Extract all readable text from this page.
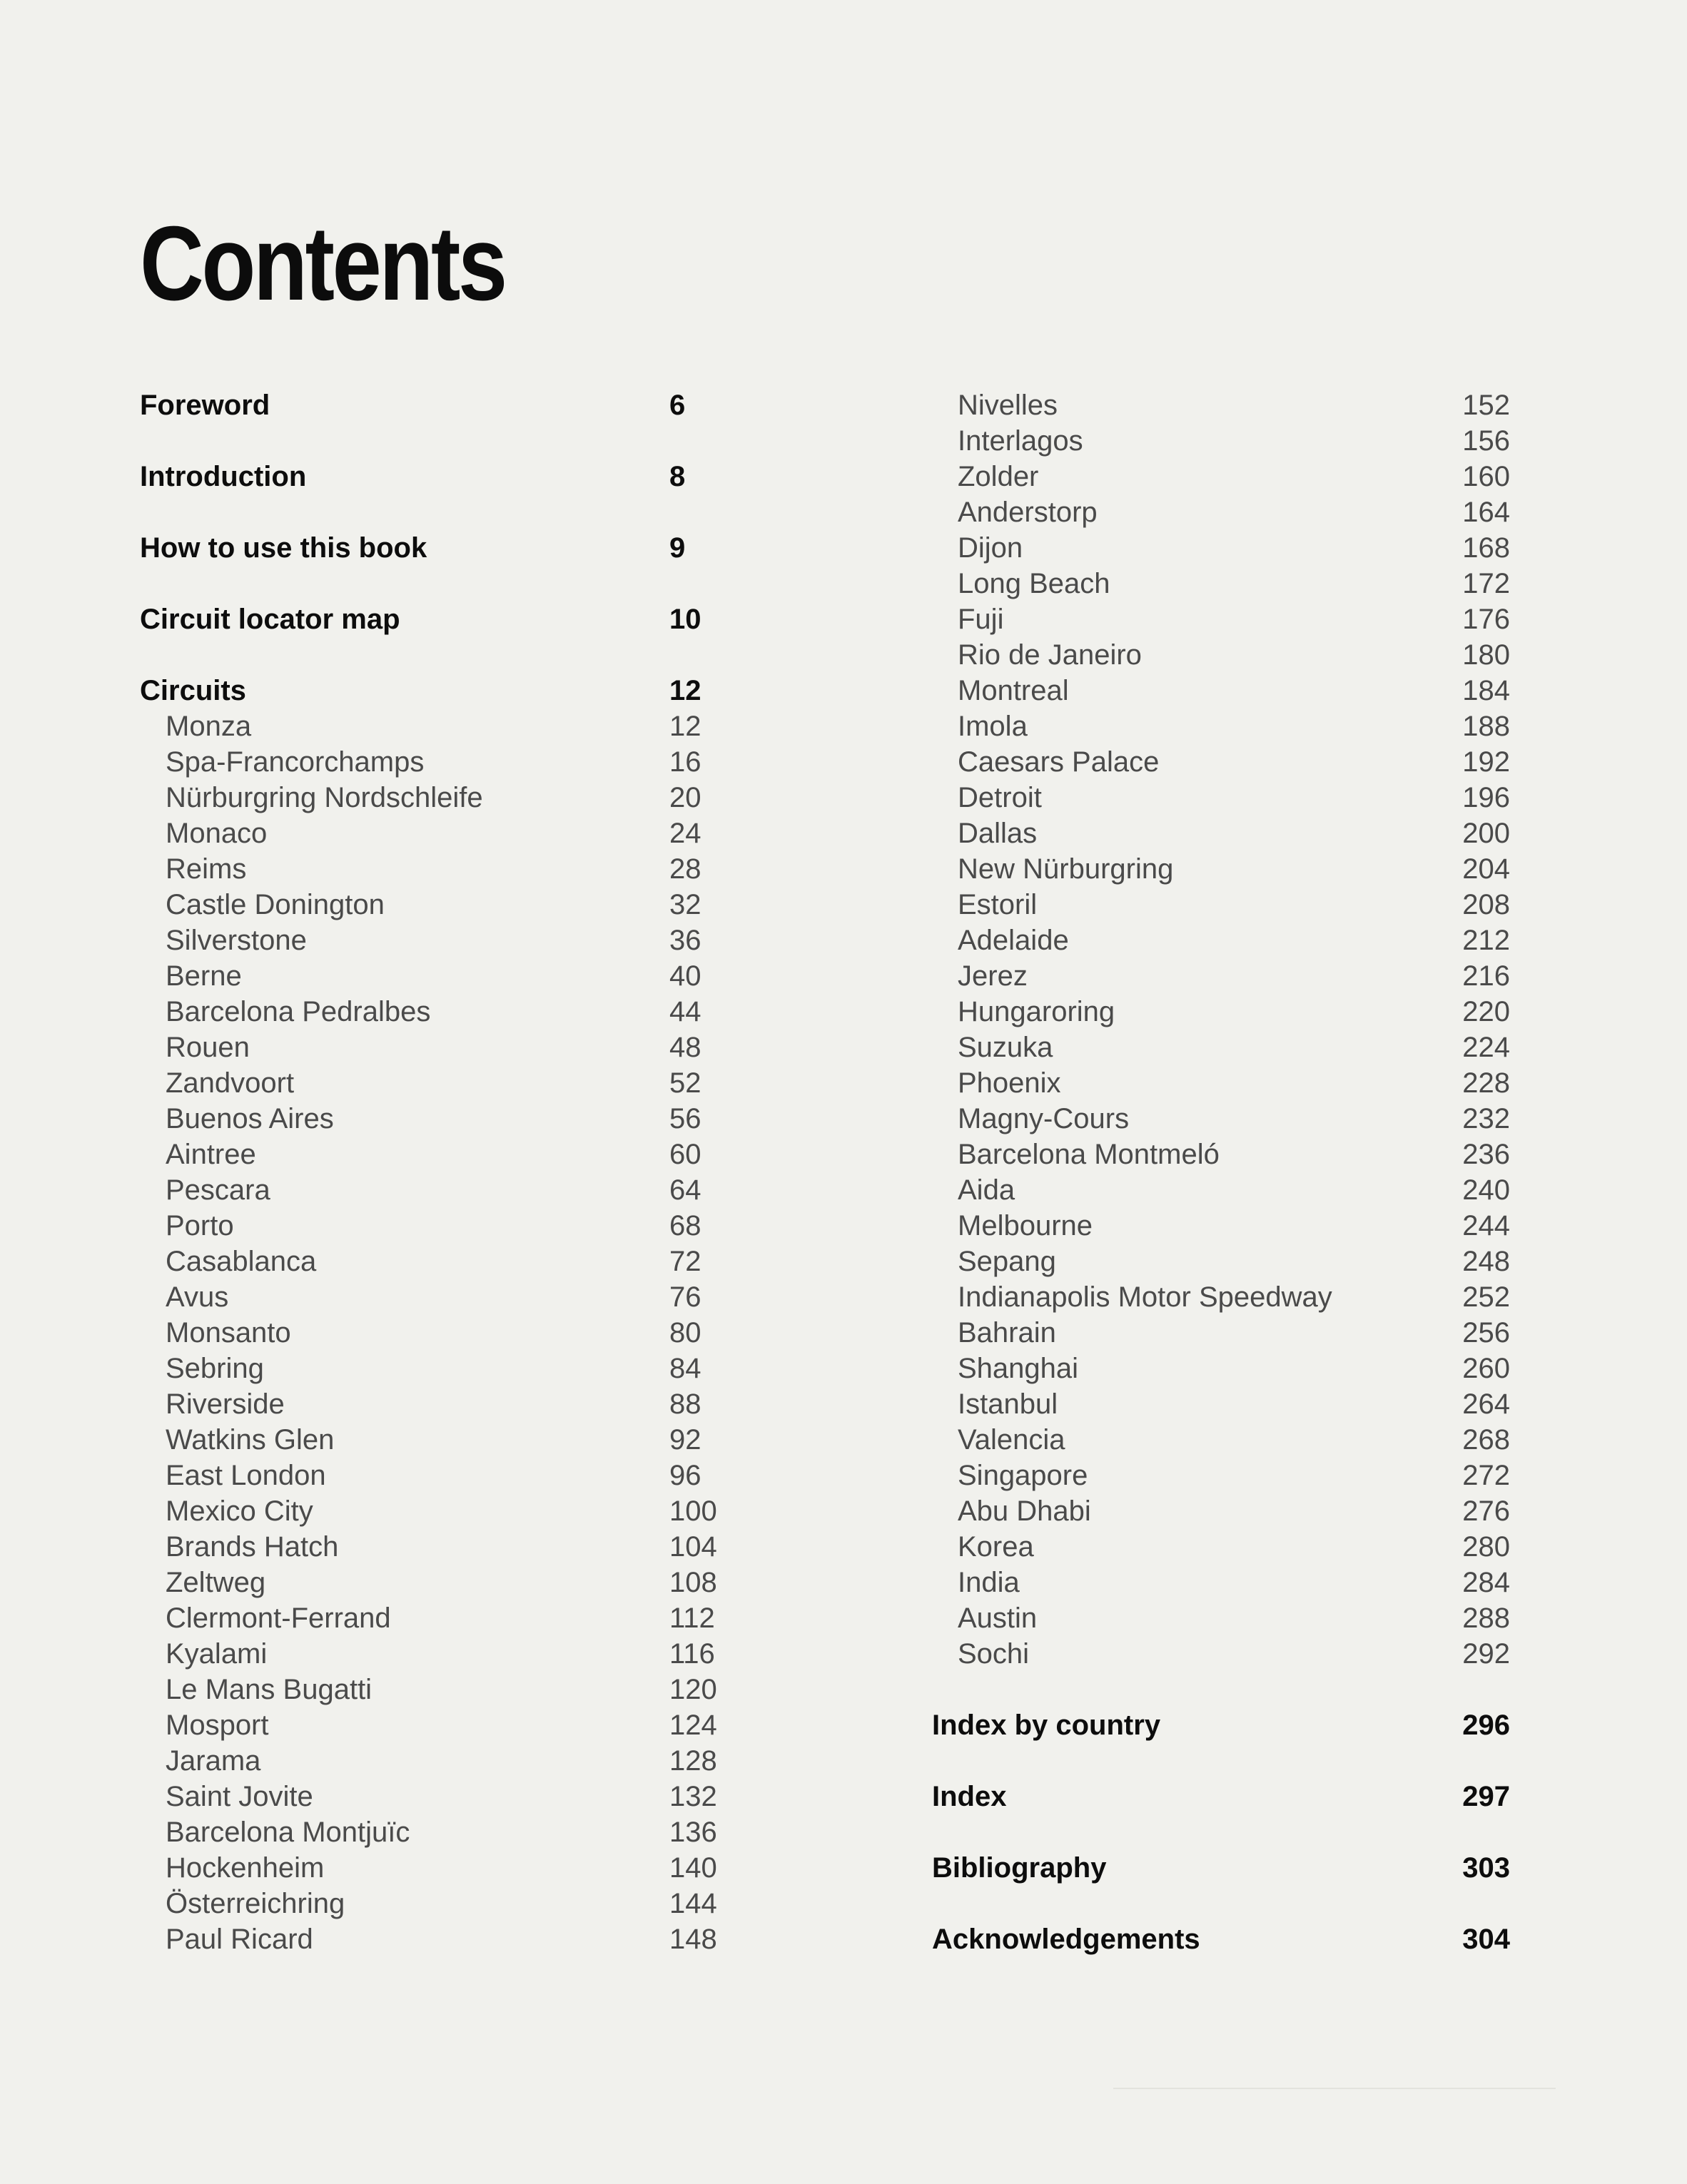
Contents
Foreword	6
Introduction	8
How to use this book	9
Circuit locator map	10
Circuits	12
Monza	12
Spa-Francorchamps	16
Nürburgring Nordschleife	20
Monaco	24
Reims	28
Castle Donington	32
Silverstone	36
Berne	40
Barcelona Pedralbes	44
Rouen	48
Zandvoort	52
Buenos Aires	56
Aintree	60
Pescara	64
Porto	68
Casablanca	72
Avus	76
Monsanto	80
Sebring	84
Riverside	88
Watkins Glen	92
East London	96
Mexico City	100
Brands Hatch	104
Zeltweg	108
Clermont-Ferrand	112
Kyalami	116
Le Mans Bugatti	120
Mosport	124
Jarama	128
Saint Jovite	132
Barcelona Montjuïc	136
Hockenheim	140
Österreichring	144
Paul Ricard	148
Nivelles	152
Interlagos	156
Zolder	160
Anderstorp	164
Dijon	168
Long Beach	172
Fuji	176
Rio de Janeiro	180
Montreal	184
Imola	188
Caesars Palace	192
Detroit	196
Dallas	200
New Nürburgring	204
Estoril	208
Adelaide	212
Jerez	216
Hungaroring	220
Suzuka	224
Phoenix	228
Magny-Cours	232
Barcelona Montmeló	236
Aida	240
Melbourne	244
Sepang	248
Indianapolis Motor Speedway	252
Bahrain	256
Shanghai	260
Istanbul	264
Valencia	268
Singapore	272
Abu Dhabi	276
Korea	280
India	284
Austin	288
Sochi	292
Index by country	296
Index	297
Bibliography	303
Acknowledgements	304
